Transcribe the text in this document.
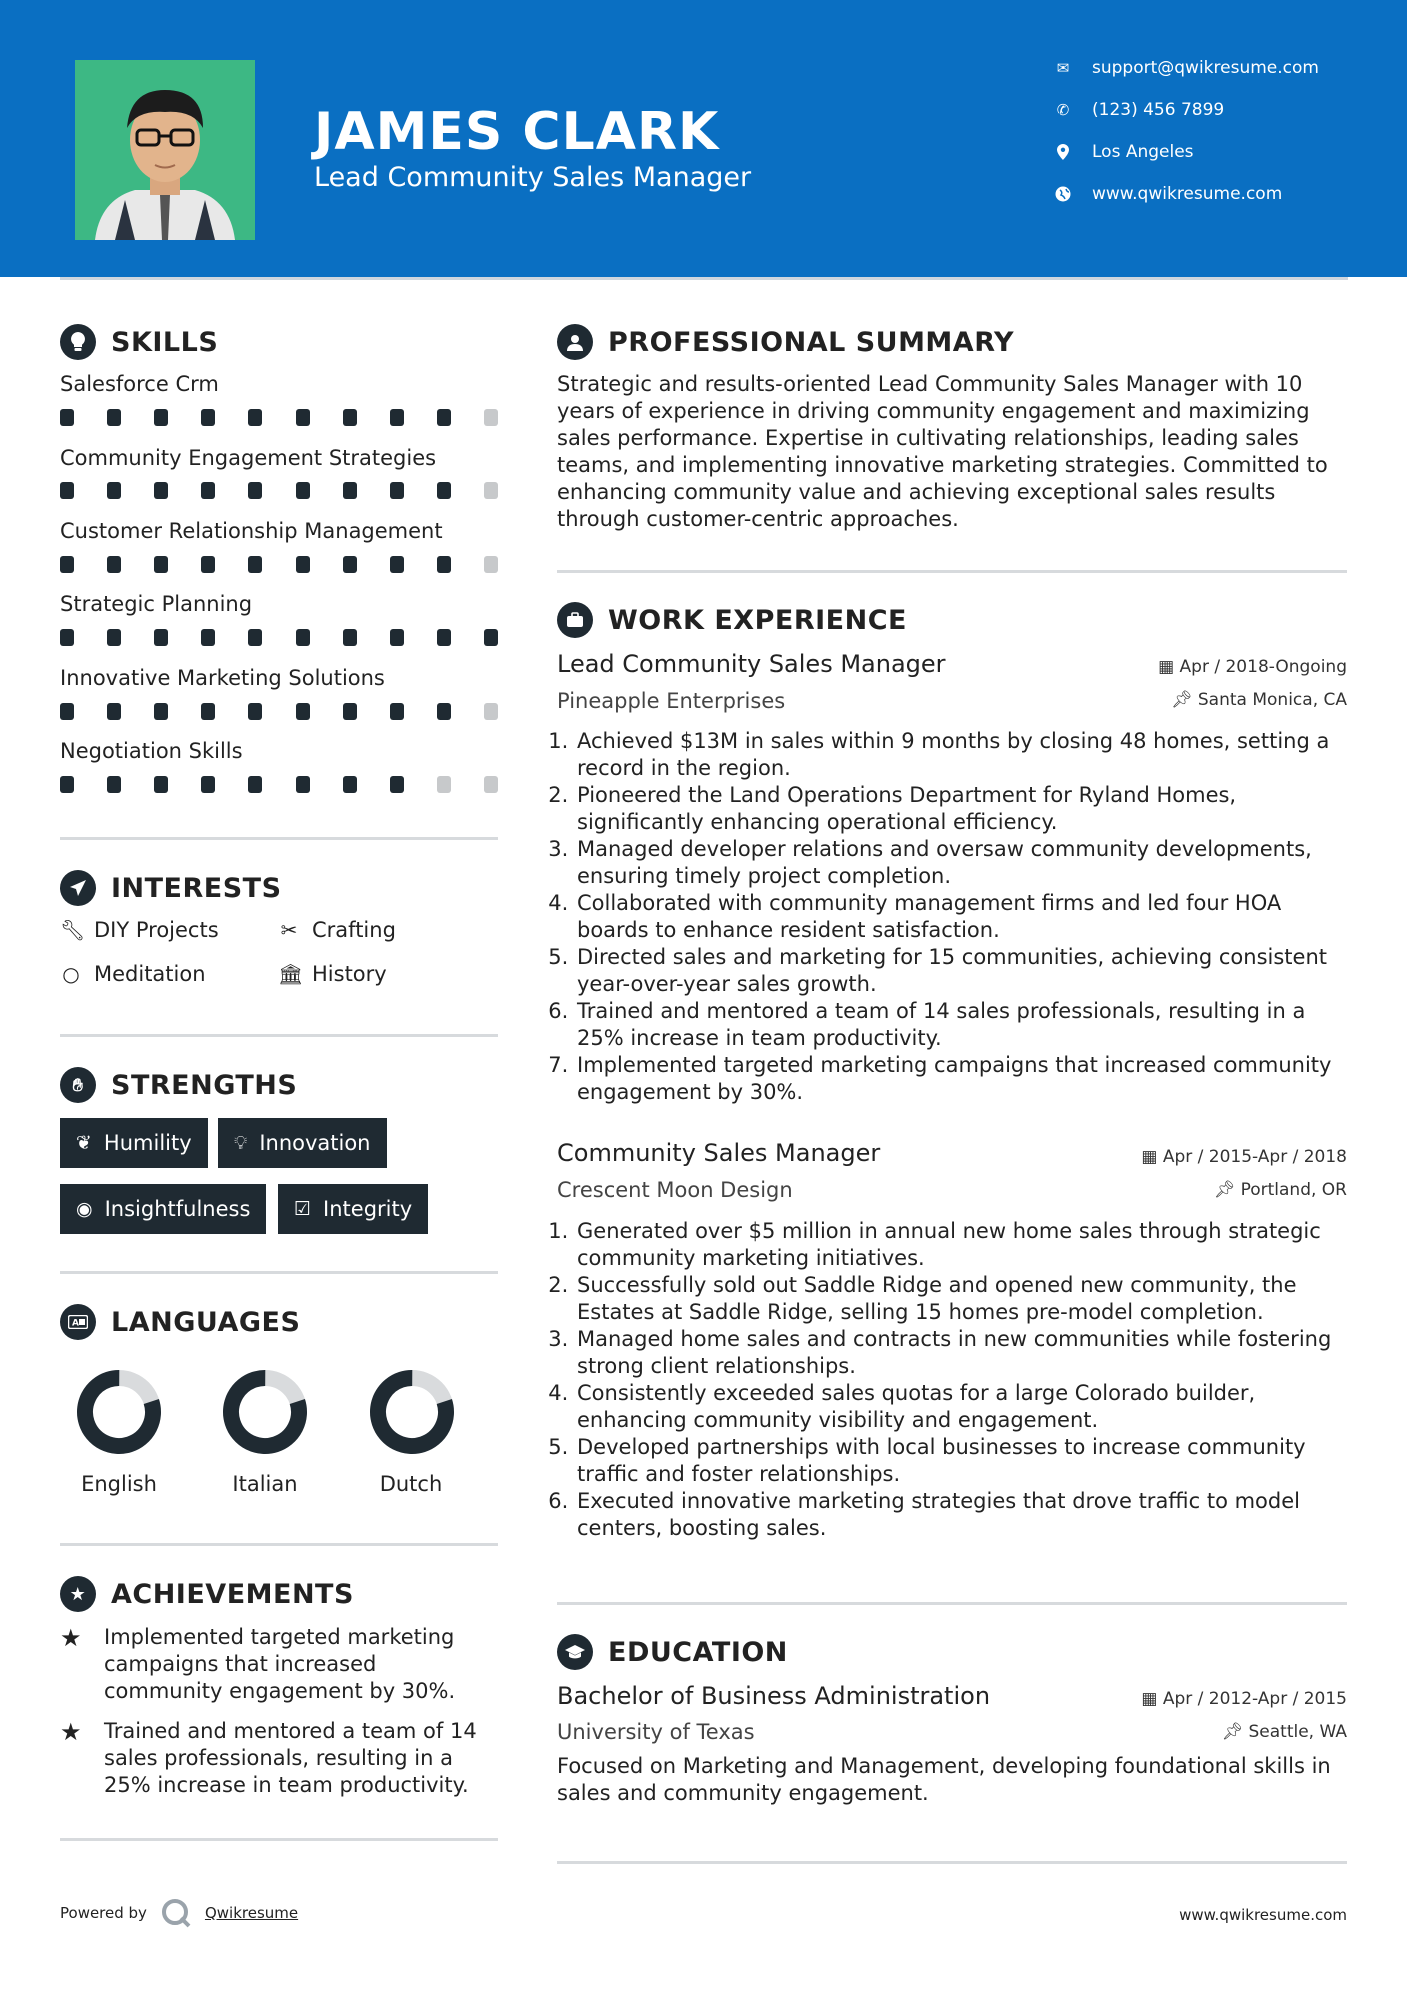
JAMES CLARK
Lead Community Sales Manager
✉ support@qwikresume.com
✆ (123) 456 7899
Los Angeles
www.qwikresume.com
SKILLS
Salesforce Crm
Community Engagement Strategies
Customer Relationship Management
Strategic Planning
Innovative Marketing Solutions
Negotiation Skills
INTERESTS
🔧︎ DIY Projects	✂ Crafting
○ Meditation	🏛︎ History
✋︎	STRENGTHS
❦ Humility 💡︎ Innovation
◉ Insightfulness ☑ Integrity
A LANGUAGES
English	Italian	Dutch
★ ACHIEVEMENTS
★	Implemented targeted marketing campaigns that increased community engagement by 30%.
★	Trained and mentored a team of 14 sales professionals, resulting in a 25% increase in team productivity.
PROFESSIONAL SUMMARY
Strategic and results-oriented Lead Community Sales Manager with 10 years of experience in driving community engagement and maximizing sales performance. Expertise in cultivating relationships, leading sales teams, and implementing innovative marketing strategies. Committed to enhancing community value and achieving exceptional sales results through customer-centric approaches.
WORK EXPERIENCE
Lead Community Sales Manager	▦ Apr / 2018-Ongoing
Pineapple Enterprises	📌︎ Santa Monica, CA
1. Achieved $13M in sales within 9 months by closing 48 homes, setting a record in the region.
2. Pioneered the Land Operations Department for Ryland Homes, significantly enhancing operational efficiency.
3. Managed developer relations and oversaw community developments, ensuring timely project completion.
4. Collaborated with community management firms and led four HOA boards to enhance resident satisfaction.
5. Directed sales and marketing for 15 communities, achieving consistent year-over-year sales growth.
6. Trained and mentored a team of 14 sales professionals, resulting in a 25% increase in team productivity.
7. Implemented targeted marketing campaigns that increased community engagement by 30%.
Community Sales Manager	▦ Apr / 2015-Apr / 2018
Crescent Moon Design	📌︎ Portland, OR
1. Generated over $5 million in annual new home sales through strategic community marketing initiatives.
2. Successfully sold out Saddle Ridge and opened new community, the Estates at Saddle Ridge, selling 15 homes pre-model completion.
3. Managed home sales and contracts in new communities while fostering strong client relationships.
4. Consistently exceeded sales quotas for a large Colorado builder, enhancing community visibility and engagement.
5. Developed partnerships with local businesses to increase community traffic and foster relationships.
6. Executed innovative marketing strategies that drove traffic to model centers, boosting sales.
EDUCATION
Bachelor of Business Administration	▦ Apr / 2012-Apr / 2015
University of Texas	📌︎ Seattle, WA
Focused on Marketing and Management, developing foundational skills in sales and community engagement.
Powered by	Qwikresume	www.qwikresume.com
